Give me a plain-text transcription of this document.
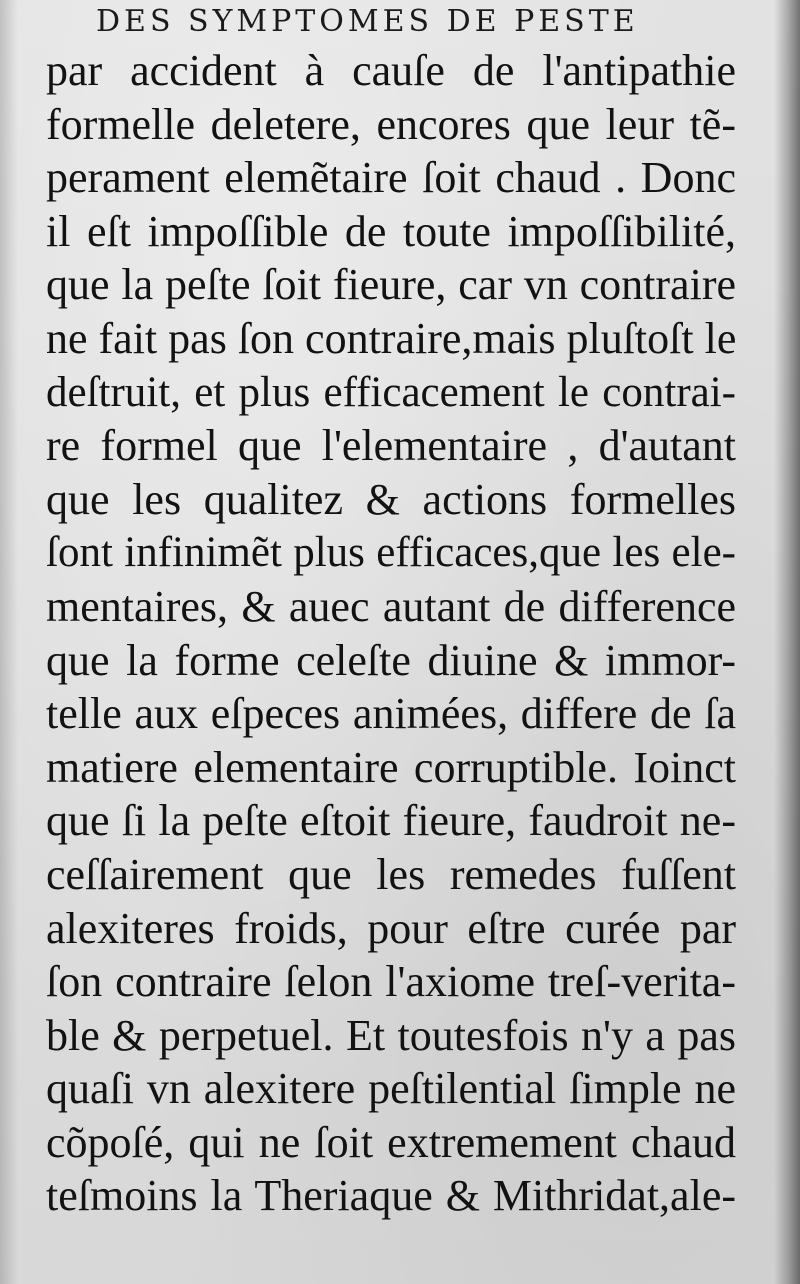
DES SYMPTOMES DE PESTE
par accident à cauſe de l'antipathie
formelle deletere, encores que leur tẽ-
perament elemẽtaire ſoit chaud . Donc
il eſt impoſſible de toute impoſſibilité,
que la peſte ſoit fieure, car vn contraire
ne fait pas ſon contraire,mais pluſtoſt le
deſtruit, et plus efficacement le contrai-
re formel que l'elementaire , d'autant
que les qualitez & actions formelles
ſont infinimẽt plus efficaces,que les ele-
mentaires, & auec autant de difference
que la forme celeſte diuine & immor-
telle aux eſpeces animées, differe de ſa
matiere elementaire corruptible. Ioinct
que ſi la peſte eſtoit fieure, faudroit ne-
ceſſairement que les remedes fuſſent
alexiteres froids, pour eſtre curée par
ſon contraire ſelon l'axiome treſ-verita-
ble & perpetuel. Et toutesfois n'y a pas
quaſi vn alexitere peſtilential ſimple ne
cõpoſé, qui ne ſoit extremement chaud
teſmoins la Theriaque & Mithridat,ale-
